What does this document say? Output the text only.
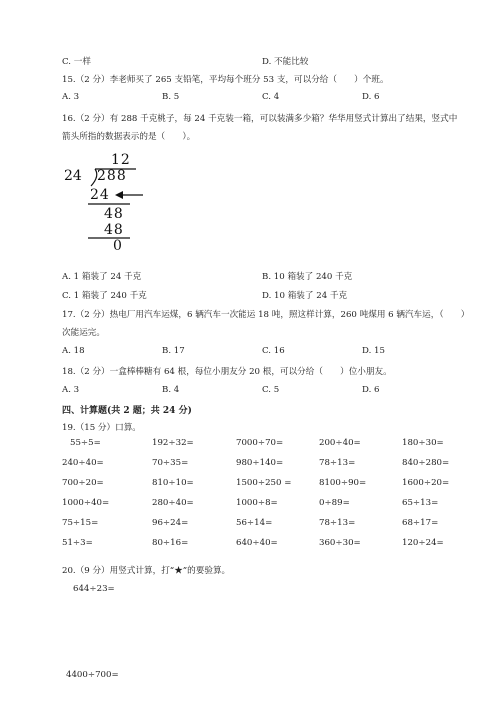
C. 一样	D. 不能比较
15.（2 分）李老师买了 265 支铅笔，平均每个班分 53 支，可以分给（　　）个班。
A. 3	B. 5	C. 4	D. 6
16.（2 分）有 288 千克桃子，每 24 千克装一箱，可以装满多少箱？华华用竖式计算出了结果，竖式中
箭头所指的数据表示的是（　　）。
12
24 288
24
48
48
0
A. 1 箱装了 24 千克	B. 10 箱装了 240 千克
C. 1 箱装了 240 千克	D. 10 箱装了 24 千克
17.（2 分）热电厂用汽车运煤，6 辆汽车一次能运 18 吨，照这样计算，260 吨煤用 6 辆汽车运，（　　）
次能运完。
A. 18	B. 17	C. 16	D. 15
18.（2 分）一盒棒棒糖有 64 根，每位小朋友分 20 根，可以分给（　　）位小朋友。
A. 3	B. 4	C. 5	D. 6
四、计算题(共 2 题；共 24 分)
19.（15 分）口算。
55÷5=	192÷32=	7000÷70=	200÷40=	180÷30=
240÷40=	70÷35=	980÷140=	78÷13=	840÷280=
700÷20=	810÷10=	1500÷250 =	8100÷90=	1600÷20=
1000÷40=	280÷40=	1000÷8=	0÷89=	65÷13=
75÷15=	96÷24=	56÷14=	78÷13=	68÷17=
51÷3=	80÷16=	640÷40=	360÷30=	120÷24=
20.（9 分）用竖式计算，打“★”的要验算。
644÷23=
4400÷700=
